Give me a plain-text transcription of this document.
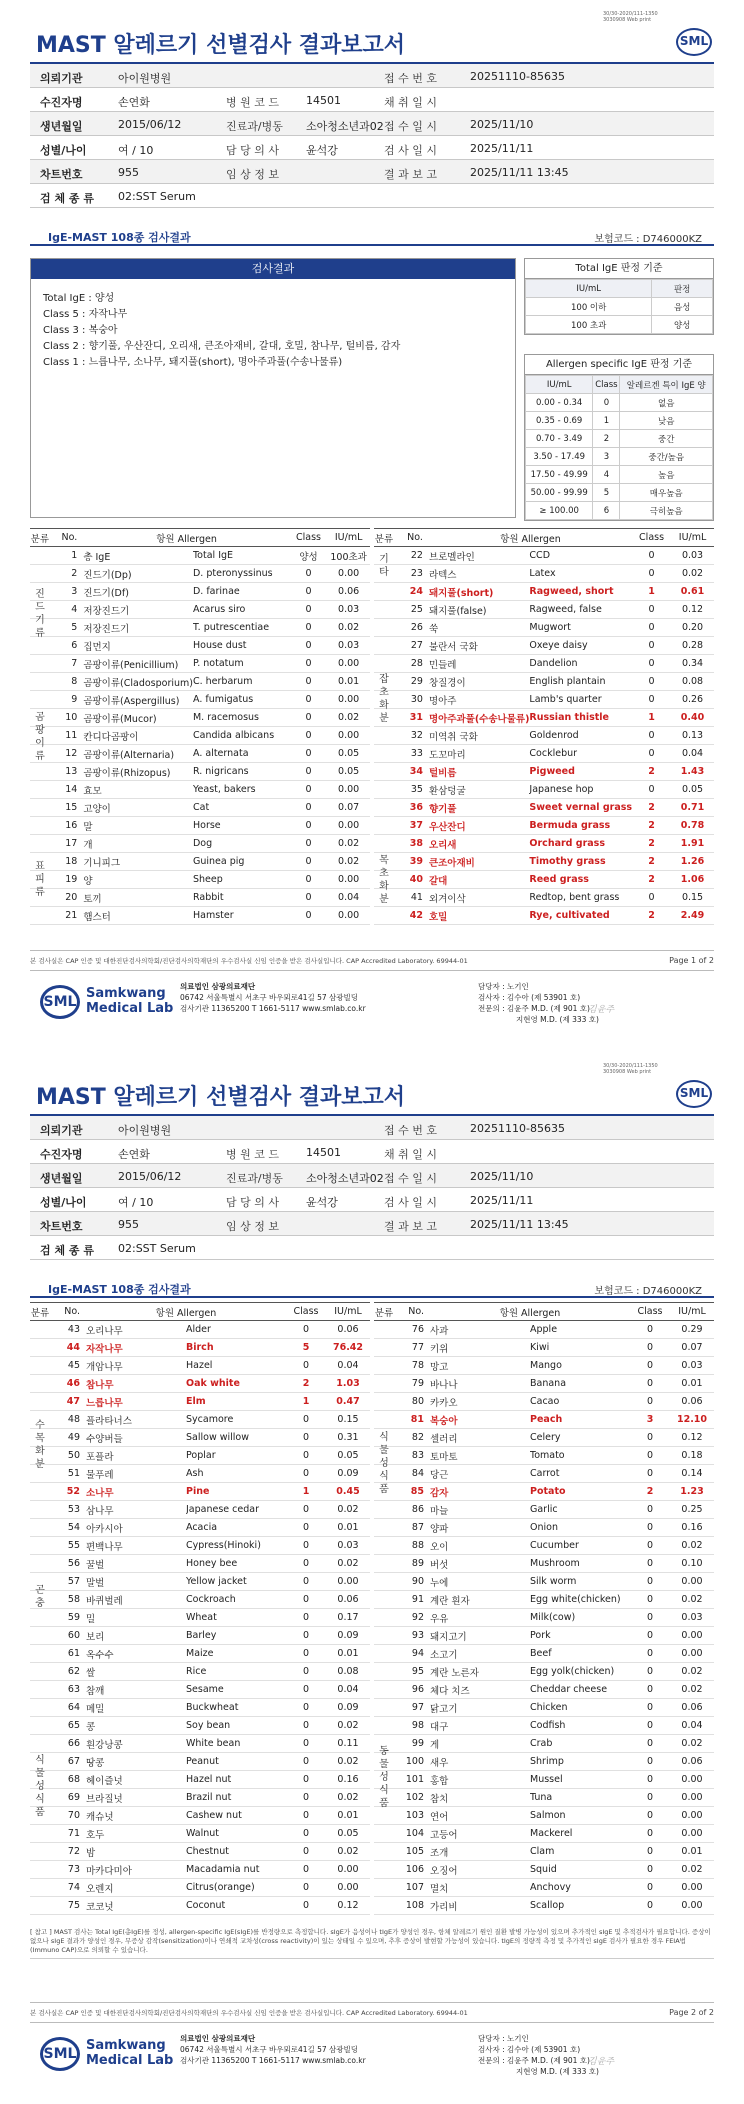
MAST 알레르기 선별검사 결과보고서
30/30-2020/111-1350
3030908 Web print
SML
의뢰기관	아이원병원	접 수 번 호	20251110-85635
수진자명	손연화	병 원 코 드 14501	채 취 일 시
생년월일	2015/06/12	진료과/병동 소아청소년과02 접 수 일 시	2025/11/10
성별/나이	여 / 10	담 당 의 사 윤석강	검 사 일 시	2025/11/11
차트번호	955	임 상 정 보	결 과 보 고	2025/11/11 13:45
검 체 종 류 02:SST Serum
IgE-MAST 108종 검사결과	보험코드 : D746000KZ
검사결과
Total IgE : 양성
Class 5 : 자작나무
Class 3 : 복숭아
Class 2 : 향기풀, 우산잔디, 오리새, 큰조아재비, 갈대, 호밀, 참나무, 털비름, 감자
Class 1 : 느릅나무, 소나무, 돼지풀(short), 명아주과풀(수송나물류)
Total IgE 판정 기준
IU/mL	판정
100 이하	음성
100 초과	양성
Allergen specific IgE 판정 기준
IU/mL	Class	알레르겐 특이 IgE 양
0.00 - 0.34	0	없음
0.35 - 0.69	1	낮음
0.70 - 3.49	2	중간
3.50 - 17.49	3	중간/높음
17.50 - 49.99	4	높음
50.00 - 99.99	5	매우높음
≥ 100.00	6	극히높음
분류	No.	항원 Allergen		Class	IU/mL
	1	총 IgE	Total IgE	양성	100초과
	2	진드기(Dp)	D. pteronyssinus	0	0.00
	3	진드기(Df)	D. farinae	0	0.06
	4	저장진드기	Acarus siro	0	0.03
	5	저장진드기	T. putrescentiae	0	0.02
	6	집먼지	House dust	0	0.03
	7	곰팡이류(Penicillium)	P. notatum	0	0.00
	8	곰팡이류(Cladosporium)	C. herbarum	0	0.01
	9	곰팡이류(Aspergillus)	A. fumigatus	0	0.00
	10	곰팡이류(Mucor)	M. racemosus	0	0.02
	11	칸디다곰팡이	Candida albicans	0	0.00
	12	곰팡이류(Alternaria)	A. alternata	0	0.05
	13	곰팡이류(Rhizopus)	R. nigricans	0	0.05
	14	효모	Yeast, bakers	0	0.00
	15	고양이	Cat	0	0.07
	16	말	Horse	0	0.00
	17	개	Dog	0	0.02
	18	기니피그	Guinea pig	0	0.02
	19	양	Sheep	0	0.00
	20	토끼	Rabbit	0	0.04
	21	햄스터	Hamster	0	0.00
분류	No.	항원 Allergen		Class	IU/mL
	22	브로멜라인	CCD	0	0.03
	23	라텍스	Latex	0	0.02
	24	돼지풀(short)	Ragweed, short	1	0.61
	25	돼지풀(false)	Ragweed, false	0	0.12
	26	쑥	Mugwort	0	0.20
	27	불란서 국화	Oxeye daisy	0	0.28
	28	민들레	Dandelion	0	0.34
	29	창질경이	English plantain	0	0.08
	30	명아주	Lamb's quarter	0	0.26
	31	명아주과풀(수송나물류)	Russian thistle	1	0.40
	32	미역취 국화	Goldenrod	0	0.13
	33	도꼬마리	Cocklebur	0	0.04
	34	털비름	Pigweed	2	1.43
	35	환삼덩굴	Japanese hop	0	0.05
	36	향기풀	Sweet vernal grass	2	0.71
	37	우산잔디	Bermuda grass	2	0.78
	38	오리새	Orchard grass	2	1.91
	39	큰조아재비	Timothy grass	2	1.26
	40	갈대	Reed grass	2	1.06
	41	외겨이삭	Redtop, bent grass	0	0.15
	42	호밀	Rye, cultivated	2	2.49
진
드
기
류
곰
팡
이
류
표
피
류
기
타
잡
초
화
분
목
초
화
분
본 검사실은 CAP 인증 및 대한진단검사의학회/진단검사의학재단의 우수검사실 신임 인증을 받은 검사실입니다. CAP Accredited Laboratory. 69944-01	Page 1 of 2
SML
Samkwang
Medical Lab
의료법인 삼광의료재단
06742 서울특별시 서초구 바우뫼로41길 57 삼광빌딩
검사기관 11365200 T 1661-5117 www.smlab.co.kr
담당자 : 노기인
검사자 : 김수아 (제 53901 호)
전문의 : 김윤주 M.D. (제 901 호)
지현영 M.D. (제 333 호)
김윤주
MAST 알레르기 선별검사 결과보고서
30/30-2020/111-1350
3030908 Web print
SML
의뢰기관	아이원병원	접 수 번 호	20251110-85635
수진자명	손연화	병 원 코 드 14501	채 취 일 시
생년월일	2015/06/12	진료과/병동 소아청소년과02 접 수 일 시	2025/11/10
성별/나이	여 / 10	담 당 의 사 윤석강	검 사 일 시	2025/11/11
차트번호	955	임 상 정 보	결 과 보 고	2025/11/11 13:45
검 체 종 류 02:SST Serum
IgE-MAST 108종 검사결과	보험코드 : D746000KZ
분류	No.	항원 Allergen		Class	IU/mL
	43	오리나무	Alder	0	0.06
	44	자작나무	Birch	5	76.42
	45	개암나무	Hazel	0	0.04
	46	참나무	Oak white	2	1.03
	47	느릅나무	Elm	1	0.47
	48	플라타너스	Sycamore	0	0.15
	49	수양버들	Sallow willow	0	0.31
	50	포플라	Poplar	0	0.05
	51	물푸레	Ash	0	0.09
	52	소나무	Pine	1	0.45
	53	삼나무	Japanese cedar	0	0.02
	54	아카시아	Acacia	0	0.01
	55	편백나무	Cypress(Hinoki)	0	0.03
	56	꿀벌	Honey bee	0	0.02
	57	말벌	Yellow jacket	0	0.00
	58	바퀴벌레	Cockroach	0	0.06
	59	밀	Wheat	0	0.17
	60	보리	Barley	0	0.09
	61	옥수수	Maize	0	0.01
	62	쌀	Rice	0	0.08
	63	참깨	Sesame	0	0.04
	64	메밀	Buckwheat	0	0.09
	65	콩	Soy bean	0	0.02
	66	흰강낭콩	White bean	0	0.11
	67	땅콩	Peanut	0	0.02
	68	헤이즐넛	Hazel nut	0	0.16
	69	브라질넛	Brazil nut	0	0.02
	70	캐슈넛	Cashew nut	0	0.01
	71	호두	Walnut	0	0.05
	72	밤	Chestnut	0	0.02
	73	마카다미아	Macadamia nut	0	0.00
	74	오렌지	Citrus(orange)	0	0.00
	75	코코넛	Coconut	0	0.12
분류	No.	항원 Allergen		Class	IU/mL
	76	사과	Apple	0	0.29
	77	키위	Kiwi	0	0.07
	78	망고	Mango	0	0.03
	79	바나나	Banana	0	0.01
	80	카카오	Cacao	0	0.06
	81	복숭아	Peach	3	12.10
	82	셀러리	Celery	0	0.12
	83	토마토	Tomato	0	0.18
	84	당근	Carrot	0	0.14
	85	감자	Potato	2	1.23
	86	마늘	Garlic	0	0.25
	87	양파	Onion	0	0.16
	88	오이	Cucumber	0	0.02
	89	버섯	Mushroom	0	0.10
	90	누에	Silk worm	0	0.00
	91	계란 흰자	Egg white(chicken)	0	0.02
	92	우유	Milk(cow)	0	0.03
	93	돼지고기	Pork	0	0.00
	94	소고기	Beef	0	0.00
	95	계란 노른자	Egg yolk(chicken)	0	0.02
	96	체다 치즈	Cheddar cheese	0	0.02
	97	닭고기	Chicken	0	0.06
	98	대구	Codfish	0	0.04
	99	게	Crab	0	0.02
	100	새우	Shrimp	0	0.06
	101	홍합	Mussel	0	0.00
	102	참치	Tuna	0	0.00
	103	연어	Salmon	0	0.00
	104	고등어	Mackerel	0	0.00
	105	조개	Clam	0	0.01
	106	오징어	Squid	0	0.02
	107	멸치	Anchovy	0	0.00
	108	가리비	Scallop	0	0.00
수
목
화
분
곤
충
식
물
성
식
품
식
물
성
식
품
동
물
성
식
품
[ 참고 ] MAST 검사는 Total IgE(총IgE)를 정성, allergen-specific IgE(sIgE)를 반정량으로 측정합니다. sIgE가 음성이나 tIgE가 양성인 경우, 항체 알레르기 원인 질환 발병 가능성이 있으며 추가적인 sIgE 및 추적검사가 필요합니다. 증상이 없으나 sIgE 결과가 양성인 경우, 무증상 감작(sensitization)이나 연쇄적 교차성(cross reactivity)이 있는 상태일 수 있으며, 추후 증상이 발현할 가능성이 있습니다. tIgE의 정량적 측정 및 추가적인 sIgE 검사가 필요한 경우 FEIA법(Immuno CAP)으로 의뢰할 수 있습니다.
본 검사실은 CAP 인증 및 대한진단검사의학회/진단검사의학재단의 우수검사실 신임 인증을 받은 검사실입니다. CAP Accredited Laboratory. 69944-01	Page 2 of 2
SML
Samkwang
Medical Lab
의료법인 삼광의료재단
06742 서울특별시 서초구 바우뫼로41길 57 삼광빌딩
검사기관 11365200 T 1661-5117 www.smlab.co.kr
담당자 : 노기인
검사자 : 김수아 (제 53901 호)
전문의 : 김윤주 M.D. (제 901 호)
지현영 M.D. (제 333 호)
김윤주
